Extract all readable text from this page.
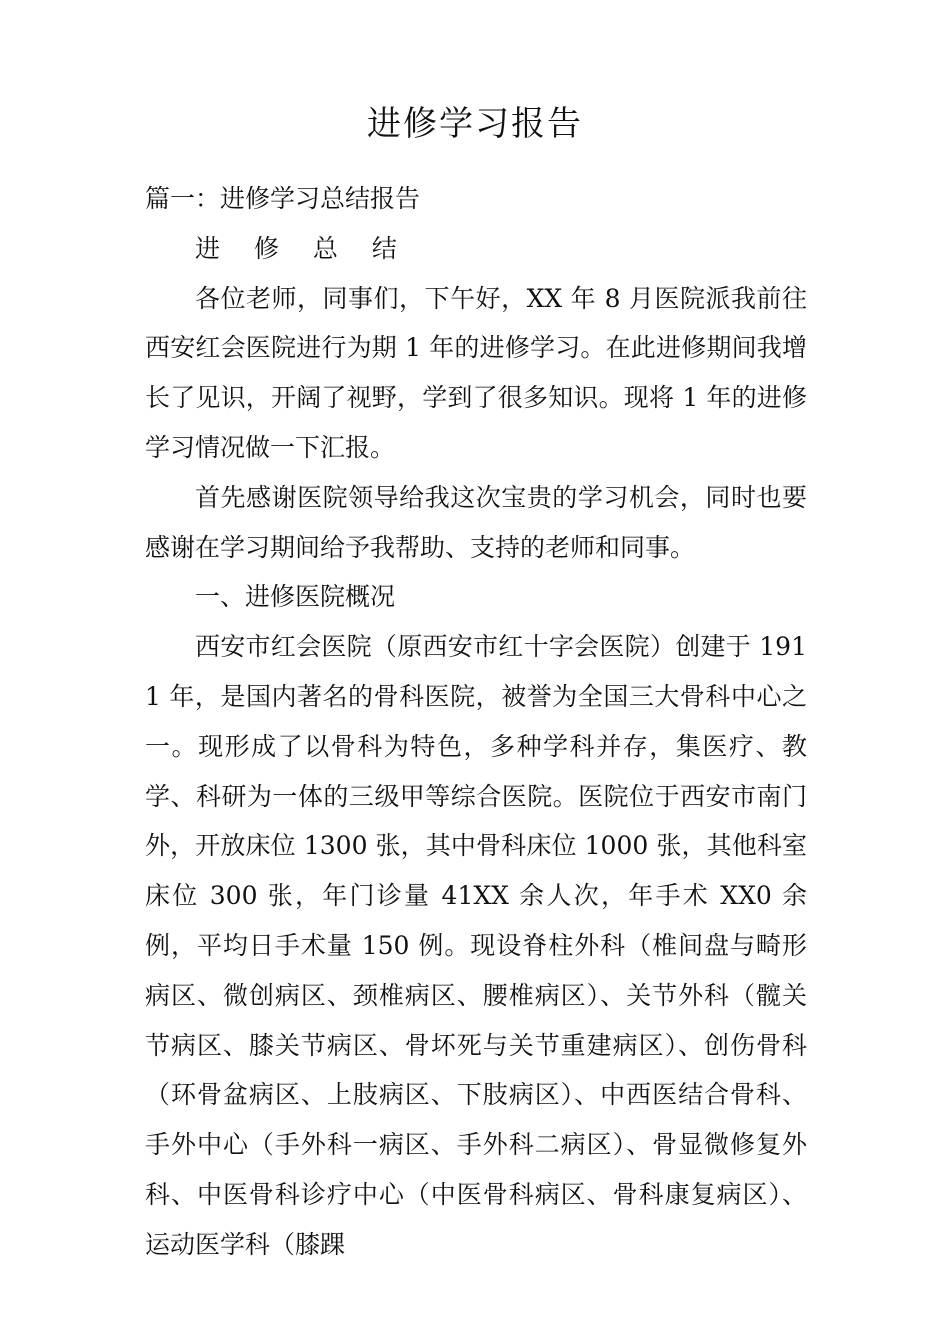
进修学习报告

篇一：进修学习总结报告

进 修 总 结

各位老师，同事们，下午好，XX 年 8 月医院派我前往西安红会医院进行为期 1 年的进修学习。在此进修期间我增长了见识，开阔了视野，学到了很多知识。现将 1 年的进修学习情况做一下汇报。

首先感谢医院领导给我这次宝贵的学习机会，同时也要感谢在学习期间给予我帮助、支持的老师和同事。

一、进修医院概况

西安市红会医院（原西安市红十字会医院）创建于 1911 年，是国内著名的骨科医院，被誉为全国三大骨科中心之一。现形成了以骨科为特色，多种学科并存，集医疗、教学、科研为一体的三级甲等综合医院。医院位于西安市南门外，开放床位 1300 张，其中骨科床位 1000 张，其他科室床位 300 张，年门诊量 41XX 余人次，年手术 XX0 余例，平均日手术量 150 例。现设脊柱外科（椎间盘与畸形病区、微创病区、颈椎病区、腰椎病区）、关节外科（髋关节病区、膝关节病区、骨坏死与关节重建病区）、创伤骨科（环骨盆病区、上肢病区、下肢病区）、中西医结合骨科、手外中心（手外科一病区、手外科二病区）、骨显微修复外科、中医骨科诊疗中心（中医骨科病区、骨科康复病区）、运动医学科（膝踝
